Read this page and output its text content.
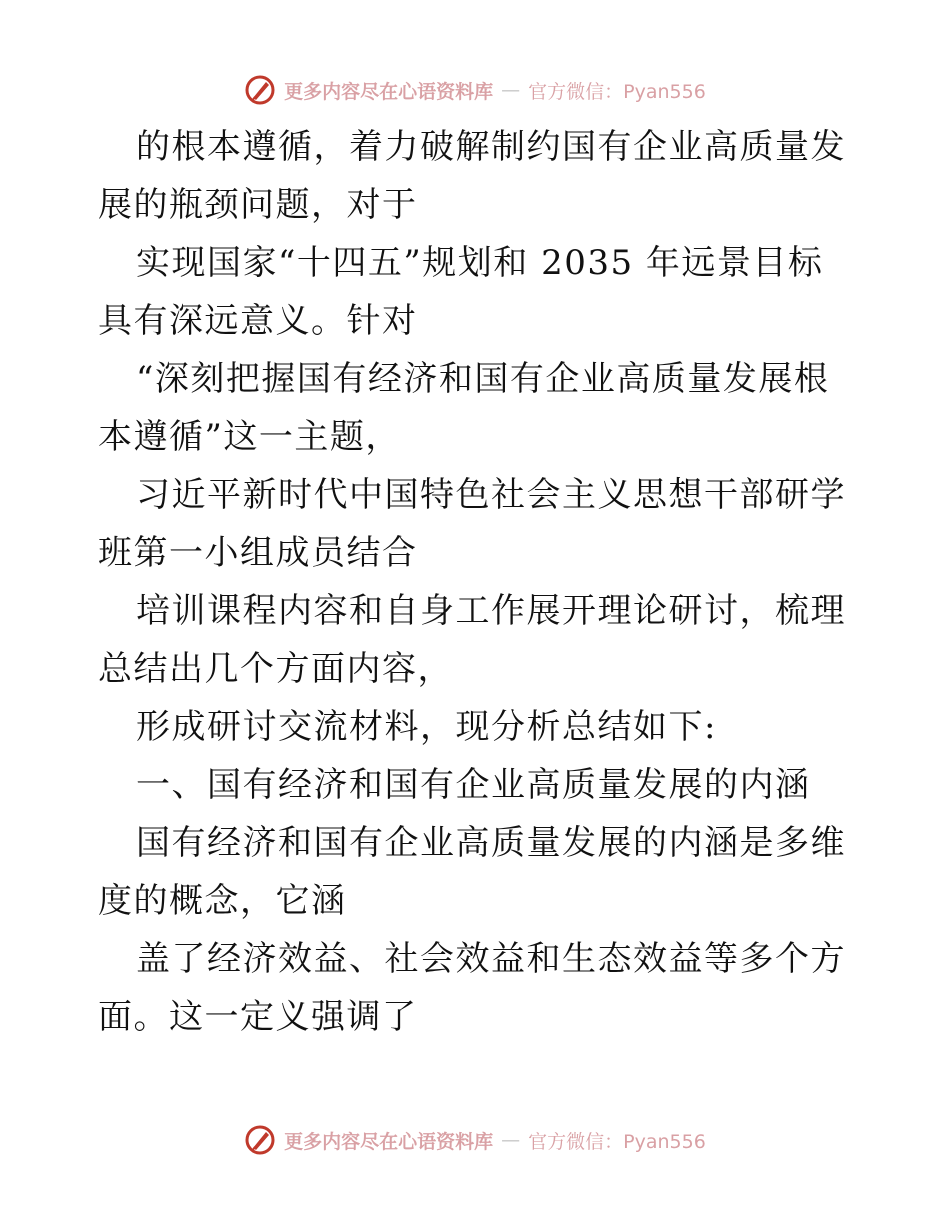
更多内容尽在心语资料库 — 官方微信：Pyan556

的根本遵循，着力破解制约国有企业高质量发展的瓶颈问题，对于

实现国家“十四五”规划和 2035 年远景目标具有深远意义。针对

“深刻把握国有经济和国有企业高质量发展根本遵循”这一主题，

习近平新时代中国特色社会主义思想干部研学班第一小组成员结合

培训课程内容和自身工作展开理论研讨，梳理总结出几个方面内容，

形成研讨交流材料，现分析总结如下:

一、国有经济和国有企业高质量发展的内涵

国有经济和国有企业高质量发展的内涵是多维度的概念，它涵

盖了经济效益、社会效益和生态效益等多个方面。这一定义强调了

更多内容尽在心语资料库 — 官方微信：Pyan556
